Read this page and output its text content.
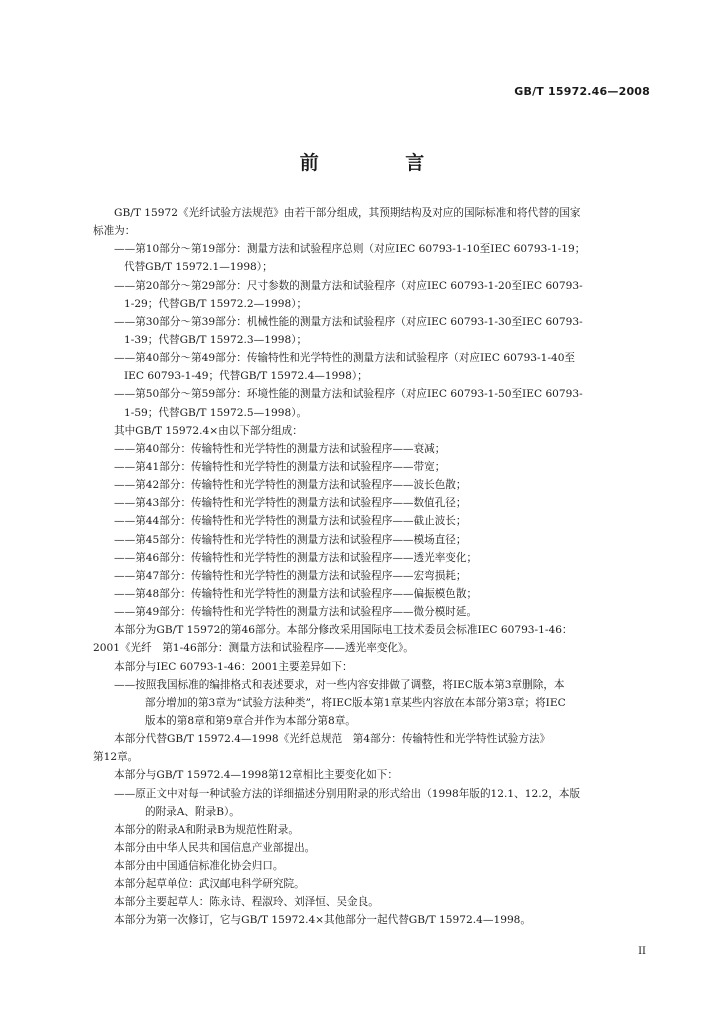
GB/T 15972.46—2008
前 言
GB/T 15972《光纤试验方法规范》由若干部分组成，其预期结构及对应的国际标准和将代替的国家
标准为：
——第10部分～第19部分：测量方法和试验程序总则（对应IEC 60793-1-10至IEC 60793-1-19；
代替GB/T 15972.1—1998）；
——第20部分～第29部分：尺寸参数的测量方法和试验程序（对应IEC 60793-1-20至IEC 60793-
1-29；代替GB/T 15972.2—1998）；
——第30部分～第39部分：机械性能的测量方法和试验程序（对应IEC 60793-1-30至IEC 60793-
1-39；代替GB/T 15972.3—1998）；
——第40部分～第49部分：传输特性和光学特性的测量方法和试验程序（对应IEC 60793-1-40至
IEC 60793-1-49；代替GB/T 15972.4—1998）；
——第50部分～第59部分：环境性能的测量方法和试验程序（对应IEC 60793-1-50至IEC 60793-
1-59；代替GB/T 15972.5—1998）。
其中GB/T 15972.4×由以下部分组成：
——第40部分：传输特性和光学特性的测量方法和试验程序——衰减；
——第41部分：传输特性和光学特性的测量方法和试验程序——带宽；
——第42部分：传输特性和光学特性的测量方法和试验程序——波长色散；
——第43部分：传输特性和光学特性的测量方法和试验程序——数值孔径；
——第44部分：传输特性和光学特性的测量方法和试验程序——截止波长；
——第45部分：传输特性和光学特性的测量方法和试验程序——模场直径；
——第46部分：传输特性和光学特性的测量方法和试验程序——透光率变化；
——第47部分：传输特性和光学特性的测量方法和试验程序——宏弯损耗；
——第48部分：传输特性和光学特性的测量方法和试验程序——偏振模色散；
——第49部分：传输特性和光学特性的测量方法和试验程序——微分模时延。
本部分为GB/T 15972的第46部分。本部分修改采用国际电工技术委员会标准IEC 60793-1-46：
2001《光纤　第1-46部分：测量方法和试验程序——透光率变化》。
本部分与IEC 60793-1-46：2001主要差异如下：
——按照我国标准的编排格式和表述要求，对一些内容安排做了调整，将IEC版本第3章删除，本
部分增加的第3章为“试验方法种类”，将IEC版本第1章某些内容放在本部分第3章；将IEC
版本的第8章和第9章合并作为本部分第8章。
本部分代替GB/T 15972.4—1998《光纤总规范　第4部分：传输特性和光学特性试验方法》
第12章。
本部分与GB/T 15972.4—1998第12章相比主要变化如下：
——原正文中对每一种试验方法的详细描述分别用附录的形式给出（1998年版的12.1、12.2，本版
的附录A、附录B）。
本部分的附录A和附录B为规范性附录。
本部分由中华人民共和国信息产业部提出。
本部分由中国通信标准化协会归口。
本部分起草单位：武汉邮电科学研究院。
本部分主要起草人：陈永诗、程淑玲、刘泽恒、吴金良。
本部分为第一次修订，它与GB/T 15972.4×其他部分一起代替GB/T 15972.4—1998。
II
